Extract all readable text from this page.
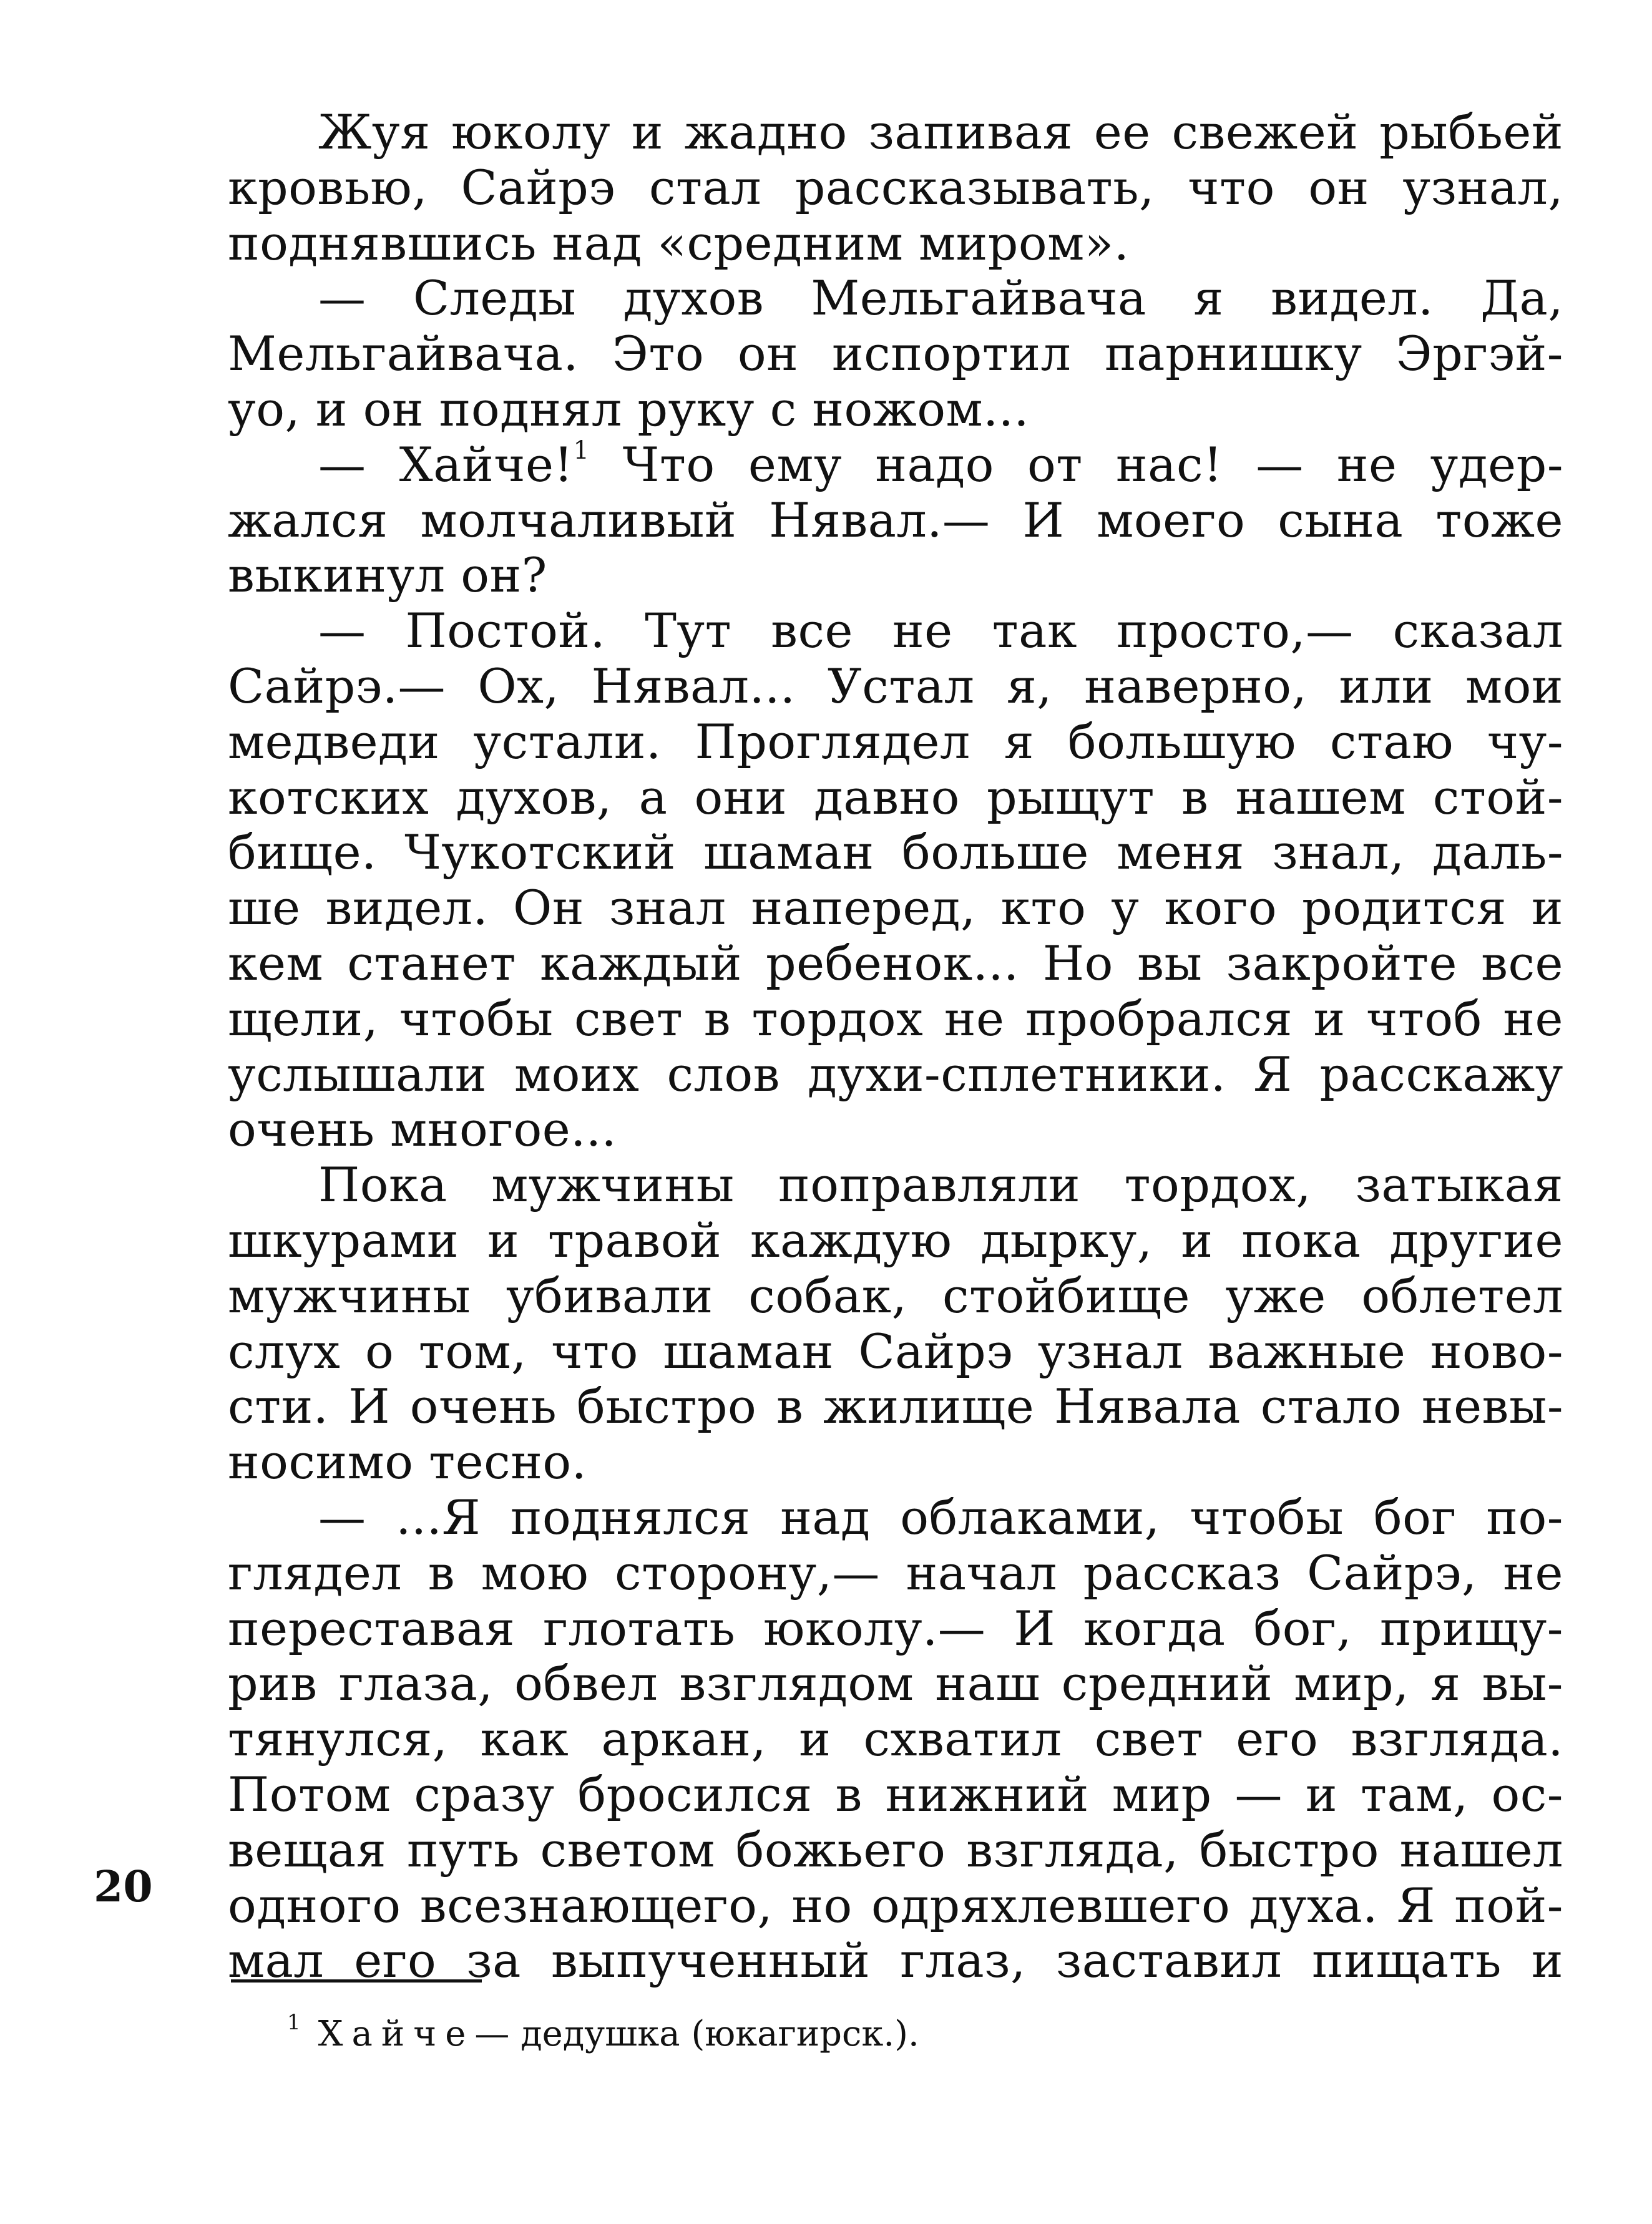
Жуя юколу и жадно запивая ее свежей рыбьей
кровью, Сайрэ стал рассказывать, что он узнал,
поднявшись над «средним миром».
— Следы духов Мельгайвача я видел. Да,
Мельгайвача. Это он испортил парнишку Эргэй-
уо, и он поднял руку с ножом...
— Хайче!$^1$ Что ему надо от нас! — не удер-
жался молчаливый Нявал.— И моего сына тоже
выкинул он?
— Постой. Тут все не так просто,— сказал
Сайрэ.— Ох, Нявал... Устал я, наверно, или мои
медведи устали. Проглядел я большую стаю чу-
котских духов, а они давно рыщут в нашем стой-
бище. Чукотский шаман больше меня знал, даль-
ше видел. Он знал наперед, кто у кого родится и
кем станет каждый ребенок... Но вы закройте все
щели, чтобы свет в тордох не пробрался и чтоб не
услышали моих слов духи-сплетники. Я расскажу
очень многое...
Пока мужчины поправляли тордох, затыкая
шкурами и травой каждую дырку, и пока другие
мужчины убивали собак, стойбище уже облетел
слух о том, что шаман Сайрэ узнал важные ново-
сти. И очень быстро в жилище Нявала стало невы-
носимо тесно.
— ...Я поднялся над облаками, чтобы бог по-
глядел в мою сторону,— начал рассказ Сайрэ, не
переставая глотать юколу.— И когда бог, прищу-
рив глаза, обвел взглядом наш средний мир, я вы-
тянулся, как аркан, и схватил свет его взгляда.
Потом сразу бросился в нижний мир — и там, ос-
вещая путь светом божьего взгляда, быстро нашел
одного всезнающего, но одряхлевшего духа. Я пой-
мал его за выпученный глаз, заставил пищать и
20
$^1$ Хайче— дедушка (юкагирск.).
